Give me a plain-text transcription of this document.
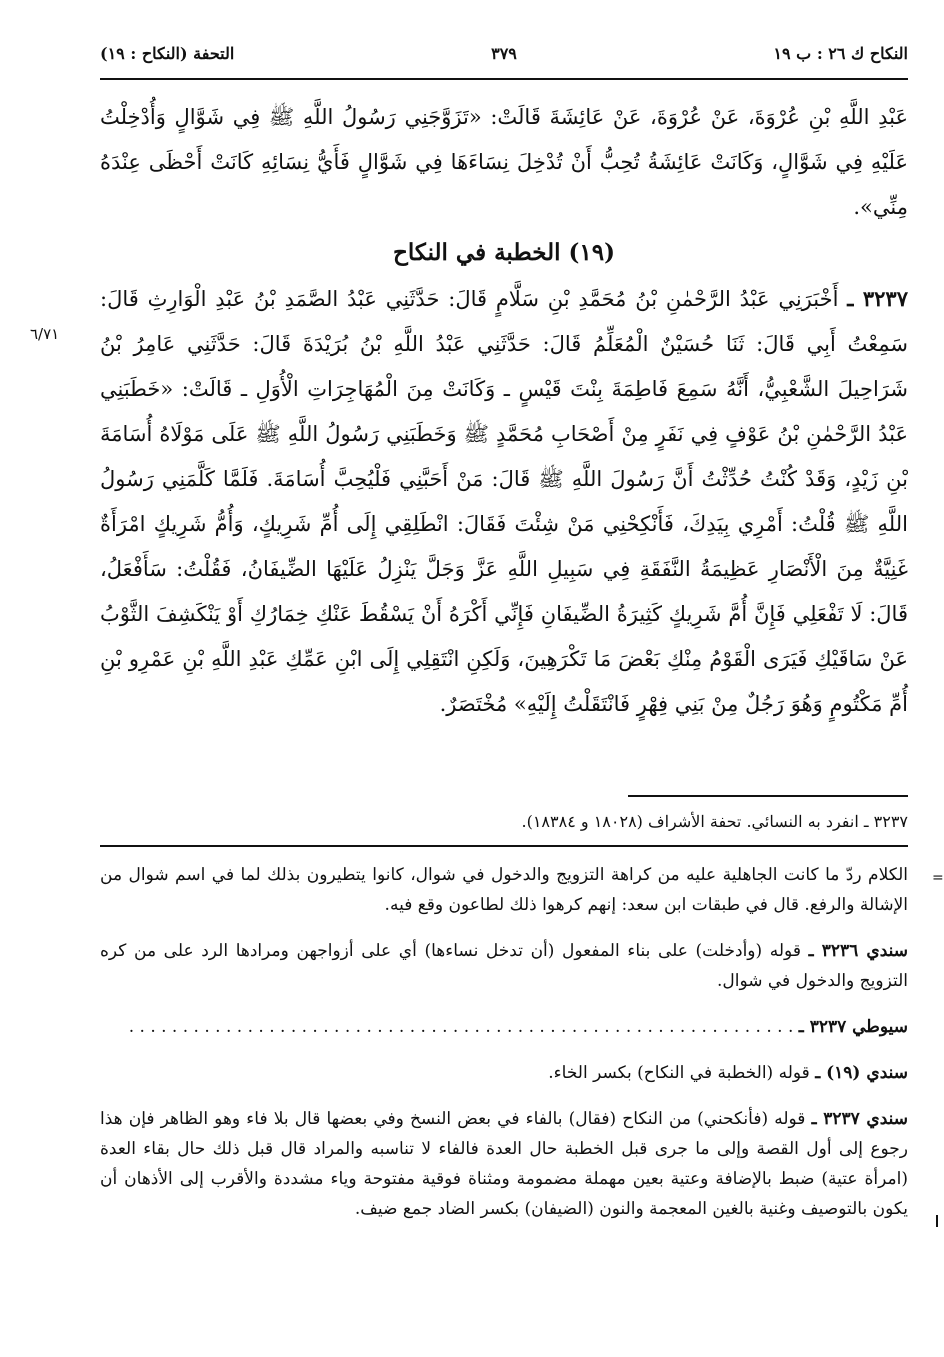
النكاح ك ٢٦ : ب ١٩
٣٧٩
التحفة (النكاح : ١٩)

عَبْدِ اللَّهِ بْنِ عُرْوَةَ، عَنْ عُرْوَةَ، عَنْ عَائِشَةَ قَالَتْ: «تَزَوَّجَنِي رَسُولُ اللَّهِ ﷺ فِي شَوَّالٍ وَأُدْخِلْتُ عَلَيْهِ فِي شَوَّالٍ، وَكَانَتْ عَائِشَةُ تُحِبُّ أَنْ تُدْخِلَ نِسَاءَهَا فِي شَوَّالٍ فَأَيُّ نِسَائِهِ كَانَتْ أَحْظَى عِنْدَهُ مِنِّي».

(١٩) الخطبة في النكاح

٣٢٣٧ ـ أَخْبَرَنِي عَبْدُ الرَّحْمٰنِ بْنُ مُحَمَّدِ بْنِ سَلَّامٍ قَالَ: حَدَّثَنِي عَبْدُ الصَّمَدِ بْنُ عَبْدِ الْوَارِثِ قَالَ: سَمِعْتُ أَبِي قَالَ: ثَنَا حُسَيْنٌ الْمُعَلِّمُ قَالَ: حَدَّثَنِي عَبْدُ اللَّهِ بْنُ بُرَيْدَةَ قَالَ: حَدَّثَنِي عَامِرُ بْنُ شَرَاحِيلَ الشَّعْبِيُّ، أَنَّهُ سَمِعَ فَاطِمَةَ بِنْتَ قَيْسٍ ـ وَكَانَتْ مِنَ الْمُهَاجِرَاتِ الْأُوَلِ ـ قَالَتْ: «خَطَبَنِي عَبْدُ الرَّحْمٰنِ بْنُ عَوْفٍ فِي نَفَرٍ مِنْ أَصْحَابِ مُحَمَّدٍ ﷺ وَخَطَبَنِي رَسُولُ اللَّهِ ﷺ عَلَى مَوْلَاهُ أُسَامَةَ بْنِ زَيْدٍ، وَقَدْ كُنْتُ حُدِّثْتُ أَنَّ رَسُولَ اللَّهِ ﷺ قَالَ: مَنْ أَحَبَّنِي فَلْيُحِبَّ أُسَامَةَ. فَلَمَّا كَلَّمَنِي رَسُولُ اللَّهِ ﷺ قُلْتُ: أَمْرِي بِيَدِكَ، فَأَنْكِحْنِي مَنْ شِئْتَ فَقَالَ: انْطَلِقِي إِلَى أُمِّ شَرِيكٍ، وَأُمُّ شَرِيكٍ امْرَأَةٌ غَنِيَّةٌ مِنَ الْأَنْصَارِ عَظِيمَةُ النَّفَقَةِ فِي سَبِيلِ اللَّهِ عَزَّ وَجَلَّ يَنْزِلُ عَلَيْهَا الضِّيفَانُ، فَقُلْتُ: سَأَفْعَلُ، قَالَ: لَا تَفْعَلِي فَإِنَّ أُمَّ شَرِيكٍ كَثِيرَةُ الضِّيفَانِ فَإِنِّي أَكْرَهُ أَنْ يَسْقُطَ عَنْكِ خِمَارُكِ أَوْ يَنْكَشِفَ الثَّوْبُ عَنْ سَاقَيْكِ فَيَرَى الْقَوْمُ مِنْكِ بَعْضَ مَا تَكْرَهِينَ، وَلَكِنِ انْتَقِلِي إِلَى ابْنِ عَمِّكِ عَبْدِ اللَّهِ بْنِ عَمْرِو بْنِ أُمِّ مَكْتُومٍ وَهُوَ رَجُلٌ مِنْ بَنِي فِهْرٍ فَانْتَقَلْتُ إِلَيْهِ» مُخْتَصَرٌ.

٦/٧١
٣٢٣٧ ـ انفرد به النسائي. تحفة الأشراف (١٨٠٢٨ و ١٨٣٨٤).
=

الكلام ردّ ما كانت الجاهلية عليه من كراهة التزويج والدخول في شوال، كانوا يتطيرون بذلك لما في اسم شوال من الإشالة والرفع. قال في طبقات ابن سعد: إنهم كرهوا ذلك لطاعون وقع فيه.

سندي ٣٢٣٦ ـ قوله (وأدخلت) على بناء المفعول (أن تدخل نساءها) أي على أزواجهن ومرادها الرد على من كره التزويج والدخول في شوال.

سيوطي ٣٢٣٧ ـ . . . . . . . . . . . . . . . . . . . . . . . . . . . . . . . . . . . . . . . . . . . . . . . . . . . . . . . . . . . . . .

سندي (١٩) ـ قوله (الخطبة في النكاح) بكسر الخاء.

سندي ٣٢٣٧ ـ قوله (فأنكحني) من النكاح (فقال) بالفاء في بعض النسخ وفي بعضها قال بلا فاء وهو الظاهر فإن هذا رجوع إلى أول القصة وإلى ما جرى قبل الخطبة حال العدة فالفاء لا تناسبه والمراد قال قبل ذلك حال بقاء العدة (امرأة عتية) ضبط بالإضافة وعتية بعين مهملة مضمومة ومثناة فوقية مفتوحة وياء مشددة والأقرب إلى الأذهان أن يكون بالتوصيف وغنية بالغين المعجمة والنون (الضيفان) بكسر الضاد جمع ضيف.
